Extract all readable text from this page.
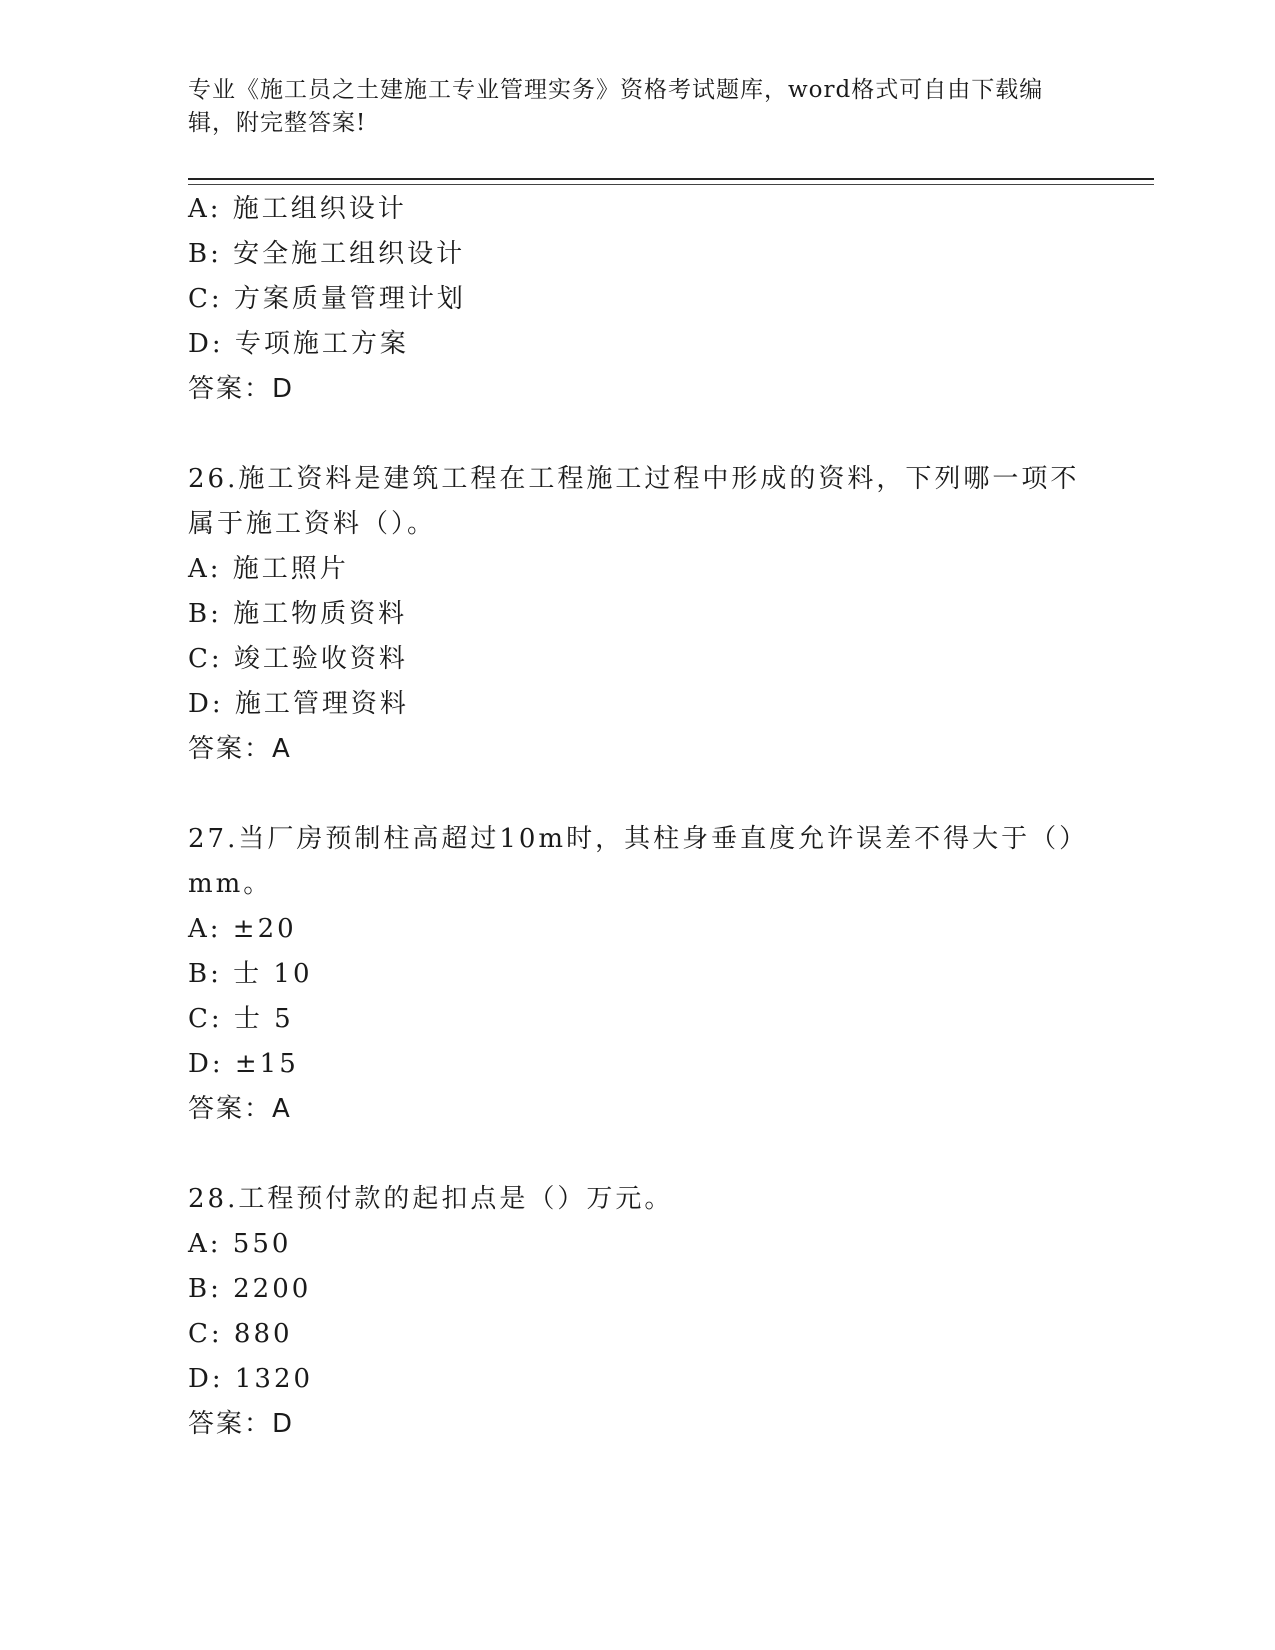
专业《施工员之土建施工专业管理实务》资格考试题库，word格式可自由下载编
辑，附完整答案!
A: 施工组织设计
B: 安全施工组织设计
C: 方案质量管理计划
D: 专项施工方案
答案：D
26.施工资料是建筑工程在工程施工过程中形成的资料，下列哪一项不
属于施工资料（）。
A: 施工照片
B: 施工物质资料
C: 竣工验收资料
D: 施工管理资料
答案：A
27.当厂房预制柱高超过10m时，其柱身垂直度允许误差不得大于（）
mm。
A: ±20
B: 士 10
C: 士 5
D: ±15
答案：A
28.工程预付款的起扣点是（）万元。
A: 550
B: 2200
C: 880
D: 1320
答案：D
